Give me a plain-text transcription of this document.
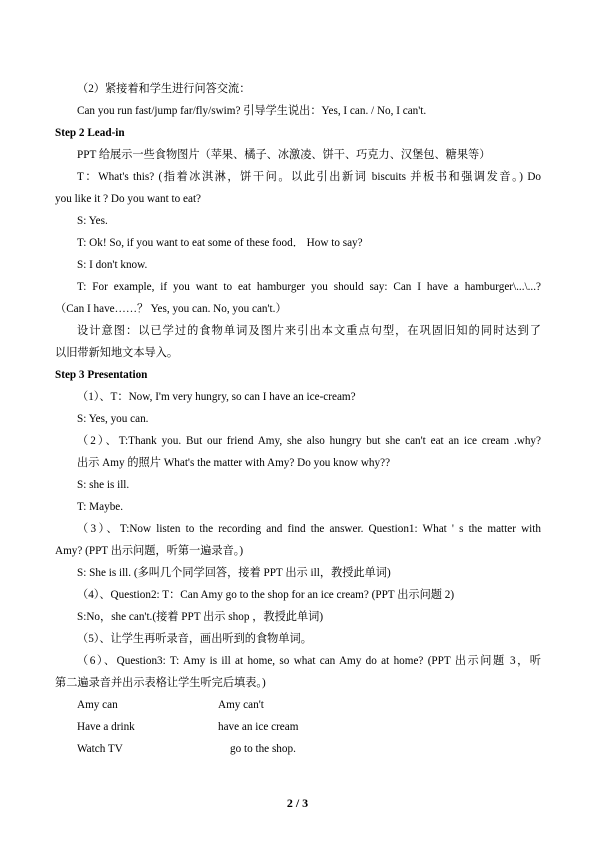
（2）紧接着和学生进行问答交流：
Can you run fast/jump far/fly/swim? 引导学生说出：Yes, I can. / No, I can't.
Step 2 Lead-in
PPT 给展示一些食物图片（苹果、橘子、冰激凌、饼干、巧克力、汉堡包、糖果等）
T：What's this? (指着冰淇淋，饼干问。以此引出新词 biscuits 并板书和强调发音。) Do
you like it ? Do you want to eat?
S: Yes.
T: Ok! So, if you want to eat some of these food． How to say?
S: I don't know.
T: For example, if you want to eat hamburger you should say: Can I have a hamburger\...\...?
（Can I have……？ Yes, you can. No, you can't.）
设计意图：以已学过的食物单词及图片来引出本文重点句型，在巩固旧知的同时达到了
以旧带新知地文本导入。
Step 3 Presentation
（1）、T：Now, I'm very hungry, so can I have an ice-cream?
S: Yes, you can.
（2）、T:Thank you. But our friend Amy, she also hungry but she can't eat an ice cream .why?
出示 Amy 的照片 What's the matter with Amy? Do you know why??
S: she is ill.
T: Maybe.
（3）、T:Now listen to the recording and find the answer. Question1: What ' s the matter with
Amy? (PPT 出示问题，听第一遍录音。)
S: She is ill. (多叫几个同学回答，接着 PPT 出示 ill，教授此单词)
（4）、Question2: T：Can Amy go to the shop for an ice cream? (PPT 出示问题 2)
S:No，she can't.(接着 PPT 出示 shop ，教授此单词)
（5）、让学生再听录音，画出听到的食物单词。
（6）、Question3: T: Amy is ill at home, so what can Amy do at home? (PPT 出示问题 3，听
第二遍录音并出示表格让学生听完后填表。)
Amy can	Amy can't
Have a drink	have an ice cream
Watch TV	go to the shop.
2 / 3
